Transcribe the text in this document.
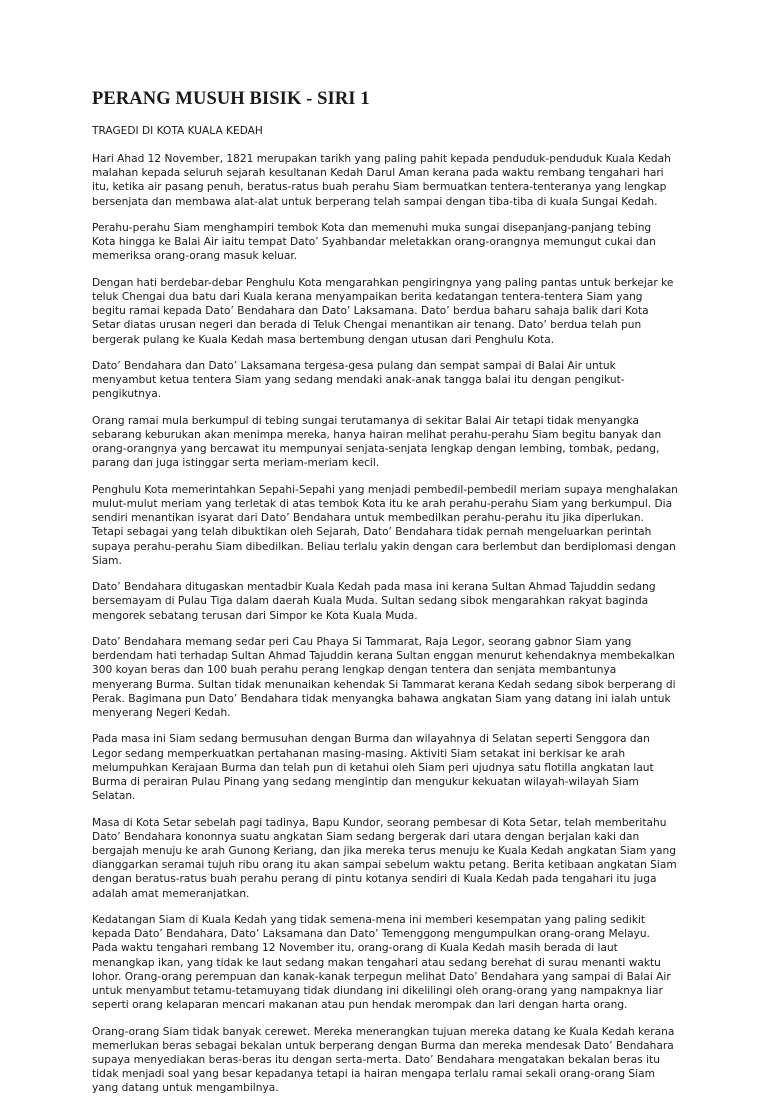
PERANG MUSUH BISIK - SIRI 1
TRAGEDI DI KOTA KUALA KEDAH

Hari Ahad 12 November, 1821 merupakan tarikh yang paling pahit kepada penduduk-penduduk Kuala Kedah malahan kepada seluruh sejarah kesultanan Kedah Darul Aman kerana pada waktu rembang tengahari hari itu, ketika air pasang penuh, beratus-ratus buah perahu Siam bermuatkan tentera-tenteranya yang lengkap bersenjata dan membawa alat-alat untuk berperang telah sampai dengan tiba-tiba di kuala Sungai Kedah.

Perahu-perahu Siam menghampiri tembok Kota dan memenuhi muka sungai disepanjang-panjang tebing Kota hingga ke Balai Air iaitu tempat Dato’ Syahbandar meletakkan orang-orangnya memungut cukai dan memeriksa orang-orang masuk keluar.

Dengan hati berdebar-debar Penghulu Kota mengarahkan pengiringnya yang paling pantas untuk berkejar ke teluk Chengai dua batu dari Kuala kerana menyampaikan berita kedatangan tentera-tentera Siam yang begitu ramai kepada Dato’ Bendahara dan Dato’ Laksamana. Dato’ berdua baharu sahaja balik dari Kota Setar diatas urusan negeri dan berada di Teluk Chengai menantikan air tenang. Dato’ berdua telah pun bergerak pulang ke Kuala Kedah masa bertembung dengan utusan dari Penghulu Kota.

Dato’ Bendahara dan Dato’ Laksamana tergesa-gesa pulang dan sempat sampai di Balai Air untuk menyambut ketua tentera Siam yang sedang mendaki anak-anak tangga balai itu dengan pengikut-pengikutnya.

Orang ramai mula berkumpul di tebing sungai terutamanya di sekitar Balai Air tetapi tidak menyangka sebarang keburukan akan menimpa mereka, hanya hairan melihat perahu-perahu Siam begitu banyak dan orang-orangnya yang bercawat itu mempunyai senjata-senjata lengkap dengan lembing, tombak, pedang, parang dan juga istinggar serta meriam-meriam kecil.

Penghulu Kota memerintahkan Sepahi-Sepahi yang menjadi pembedil-pembedil meriam supaya menghalakan mulut-mulut meriam yang terletak di atas tembok Kota itu ke arah perahu-perahu Siam yang berkumpul. Dia sendiri menantikan isyarat dari Dato’ Bendahara untuk membedilkan perahu-perahu itu jika diperlukan. Tetapi sebagai yang telah dibuktikan oleh Sejarah, Dato’ Bendahara tidak pernah mengeluarkan perintah supaya perahu-perahu Siam dibedilkan. Beliau terlalu yakin dengan cara berlembut dan berdiplomasi dengan Siam.

Dato’ Bendahara ditugaskan mentadbir Kuala Kedah pada masa ini kerana Sultan Ahmad Tajuddin sedang bersemayam di Pulau Tiga dalam daerah Kuala Muda. Sultan sedang sibok mengarahkan rakyat baginda mengorek sebatang terusan dari Simpor ke Kota Kuala Muda.

Dato’ Bendahara memang sedar peri Cau Phaya Si Tammarat, Raja Legor, seorang gabnor Siam yang berdendam hati terhadap Sultan Ahmad Tajuddin kerana Sultan enggan menurut kehendaknya membekalkan 300 koyan beras dan 100 buah perahu perang lengkap dengan tentera dan senjata membantunya menyerang Burma. Sultan tidak menunaikan kehendak Si Tammarat kerana Kedah sedang sibok berperang di Perak. Bagimana pun Dato’ Bendahara tidak menyangka bahawa angkatan Siam yang datang ini ialah untuk menyerang Negeri Kedah.

Pada masa ini Siam sedang bermusuhan dengan Burma dan wilayahnya di Selatan seperti Senggora dan Legor sedang memperkuatkan pertahanan masing-masing. Aktiviti Siam setakat ini berkisar ke arah melumpuhkan Kerajaan Burma dan telah pun di ketahui oleh Siam peri ujudnya satu flotilla angkatan laut Burma di perairan Pulau Pinang yang sedang mengintip dan mengukur kekuatan wilayah-wilayah Siam Selatan.

Masa di Kota Setar sebelah pagi tadinya, Bapu Kundor, seorang pembesar di Kota Setar, telah memberitahu Dato’ Bendahara kononnya suatu angkatan Siam sedang bergerak dari utara dengan berjalan kaki dan bergajah menuju ke arah Gunong Keriang, dan jika mereka terus menuju ke Kuala Kedah angkatan Siam yang dianggarkan seramai tujuh ribu orang itu akan sampai sebelum waktu petang. Berita ketibaan angkatan Siam dengan beratus-ratus buah perahu perang di pintu kotanya sendiri di Kuala Kedah pada tengahari itu juga adalah amat memeranjatkan.

Kedatangan Siam di Kuala Kedah yang tidak semena-mena ini memberi kesempatan yang paling sedikit kepada Dato’ Bendahara, Dato’ Laksamana dan Dato’ Temenggong mengumpulkan orang-orang Melayu. Pada waktu tengahari rembang 12 November itu, orang-orang di Kuala Kedah masih berada di laut menangkap ikan, yang tidak ke laut sedang makan tengahari atau sedang berehat di surau menanti waktu lohor. Orang-orang perempuan dan kanak-kanak terpegun melihat Dato’ Bendahara yang sampai di Balai Air untuk menyambut tetamu-tetamuyang tidak diundang ini dikelilingi oleh orang-orang yang nampaknya liar seperti orang kelaparan mencari makanan atau pun hendak merompak dan lari dengan harta orang.

Orang-orang Siam tidak banyak cerewet. Mereka menerangkan tujuan mereka datang ke Kuala Kedah kerana memerlukan beras sebagai bekalan untuk berperang dengan Burma dan mereka mendesak Dato’ Bendahara supaya menyediakan beras-beras itu dengan serta-merta. Dato’ Bendahara mengatakan bekalan beras itu tidak menjadi soal yang besar kepadanya tetapi ia hairan mengapa terlalu ramai sekali orang-orang Siam yang datang untuk mengambilnya.
